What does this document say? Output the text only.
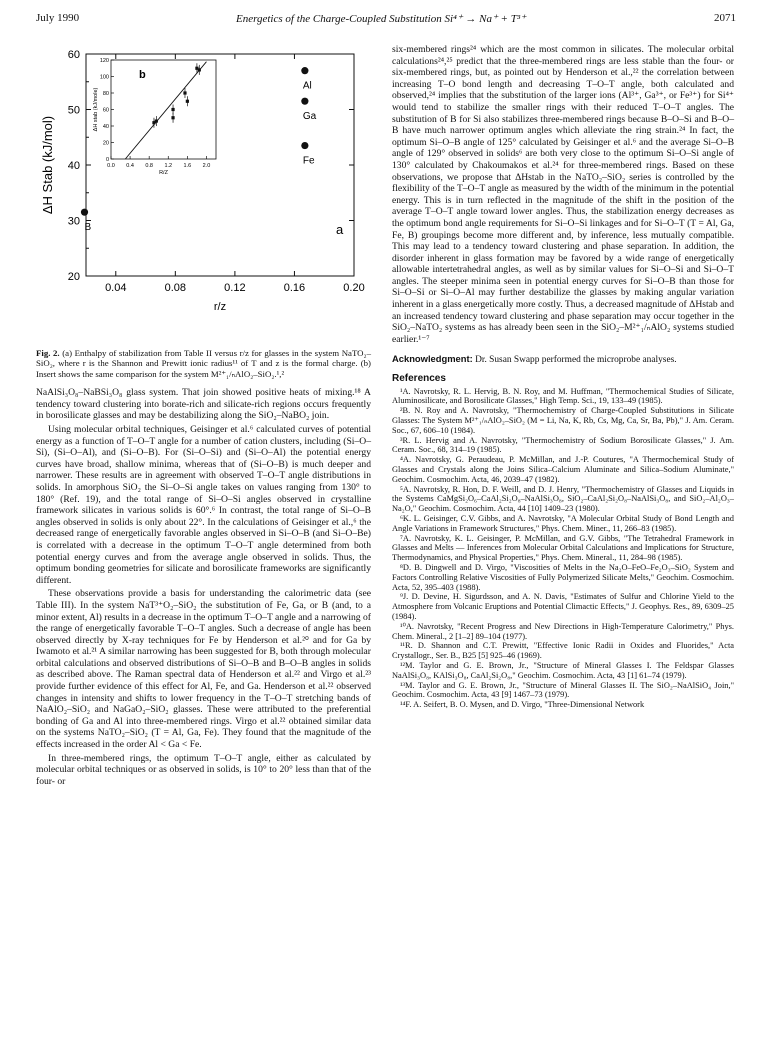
July 1990	Energetics of the Charge-Coupled Substitution Si⁴⁺ → Na⁺ + T³⁺	2071
0.04	0.08	0.12	0.16	0.20
20
30
40
50
60
r/z
ΔH Stab (kJ/mol)
a
B
Al
Ga
Fe
0.0 0.4 0.8 1.2 1.6 2.0
0
20
40
60
80
100
120
R/Z
ΔH stab (kJ/mole)
b

Fig. 2. (a) Enthalpy of stabilization from Table II versus r/z for glasses in the system NaTO₂–SiO₂, where r is the Shannon and Prewitt ionic radius¹¹ of T and z is the formal charge. (b) Insert shows the same comparison for the system M²⁺₁/ₙAlO₂–SiO₂.¹,²

NaAlSi₃O₈–NaBSi₃O₈ glass system. That join showed positive heats of mixing.¹⁸ A tendency toward clustering into borate-rich and silicate-rich regions occurs frequently in borosilicate glasses and may be destabilizing along the SiO₂–NaBO₂ join.

Using molecular orbital techniques, Geisinger et al.⁶ calculated curves of potential energy as a function of T–O–T angle for a number of cation clusters, including (Si–O–Si), (Si–O–Al), and (Si–O–B). For (Si–O–Si) and (Si–O–Al) the potential energy curves have broad, shallow minima, whereas that of (Si–O–B) is much deeper and narrower. These results are in agreement with observed T–O–T angle distributions in solids. In amorphous SiO₂ the Si–O–Si angle takes on values ranging from 130° to 180° (Ref. 19), and the total range of Si–O–Si angles observed in crystalline framework silicates in various solids is 60°.⁶ In contrast, the total range of Si–O–B angles observed in solids is only about 22°. In the calculations of Geisinger et al.,⁶ the decreased range of energetically favorable angles observed in Si–O–B (and Si–O–Be) is correlated with a decrease in the optimum T–O–T angle determined from both potential energy curves and from the average angle observed in solids. Thus, the optimum bonding geometries for silicate and borosilicate frameworks are significantly different.

These observations provide a basis for understanding the calorimetric data (see Table III). In the system NaT³⁺O₂–SiO₂ the substitution of Fe, Ga, or B (and, to a minor extent, Al) results in a decrease in the optimum T–O–T angle and a narrowing of the range of energetically favorable T–O–T angles. Such a decrease of angle has been observed directly by X-ray techniques for Fe by Henderson et al.²⁰ and for Ga by Iwamoto et al.²¹ A similar narrowing has been suggested for B, both through molecular orbital calculations and observed distributions of Si–O–B and B–O–B angles in solids as described above. The Raman spectral data of Henderson et al.²² and Virgo et al.²³ provide further evidence of this effect for Al, Fe, and Ga. Henderson et al.²² observed changes in intensity and shifts to lower frequency in the T–O–T stretching bands of NaAlO₂–SiO₂ and NaGaO₂–SiO₂ glasses. These were attributed to the preferential bonding of Ga and Al into three-membered rings. Virgo et al.²² obtained similar data on the systems NaTO₂–SiO₂ (T = Al, Ga, Fe). They found that the magnitude of the effects increased in the order Al < Ga < Fe.

In three-membered rings, the optimum T–O–T angle, either as calculated by molecular orbital techniques or as observed in solids, is 10° to 20° less than that of the four- or

six-membered rings²⁴ which are the most common in silicates. The molecular orbital calculations²⁴,²⁵ predict that the three-membered rings are less stable than the four- or six-membered rings, but, as pointed out by Henderson et al.,²² the correlation between increasing T–O bond length and decreasing T–O–T angle, both calculated and observed,²⁴ implies that the substitution of the larger ions (Al³⁺, Ga³⁺, or Fe³⁺) for Si⁴⁺ would tend to stabilize the smaller rings with their reduced T–O–T angles. The substitution of B for Si also stabilizes three-membered rings because B–O–Si and B–O–B have much narrower optimum angles which alleviate the ring strain.²⁴ In fact, the optimum Si–O–B angle of 125° calculated by Geisinger et al.⁶ and the average Si–O–B angle of 129° observed in solids⁶ are both very close to the optimum Si–O–Si angle of 130° calculated by Chakoumakos et al.²⁴ for three-membered rings. Based on these observations, we propose that ΔHstab in the NaTO₂–SiO₂ series is controlled by the flexibility of the T–O–T angle as measured by the width of the minimum in the potential energy. This is in turn reflected in the magnitude of the shift in the position of the average T–O–T angle toward lower angles. Thus, the stabilization energy decreases as the optimum bond angle requirements for Si–O–Si linkages and for Si–O–T (T = Al, Ga, Fe, B) groupings become more different and, by inference, less mutually compatible. This may lead to a tendency toward clustering and phase separation. In addition, the disorder inherent in glass formation may be favored by a wide range of energetically allowable intertetrahedral angles, as well as by similar values for Si–O–Si and Si–O–T angles. The steeper minima seen in potential energy curves for Si–O–B than those for Si–O–Si or Si–O–Al may further destabilize the glasses by making angular variation inherent in a glass energetically more costly. Thus, a decreased magnitude of ΔHstab and an increased tendency toward clustering and phase separation may occur together in the SiO₂–NaTO₂ systems as has already been seen in the SiO₂–M²⁺₁/ₙAlO₂ systems studied earlier.¹⁻⁷

Acknowledgment: Dr. Susan Swapp performed the microprobe analyses.

References

¹A. Navrotsky, R. L. Hervig, B. N. Roy, and M. Huffman, "Thermochemical Studies of Silicate, Aluminosilicate, and Borosilicate Glasses," High Temp. Sci., 19, 133–49 (1985).

²B. N. Roy and A. Navrotsky, "Thermochemistry of Charge-Coupled Substitutions in Silicate Glasses: The System M²⁺₁/ₙAlO₂–SiO₂ (M = Li, Na, K, Rb, Cs, Mg, Ca, Sr, Ba, Pb)," J. Am. Ceram. Soc., 67, 606–10 (1984).

³R. L. Hervig and A. Navrotsky, "Thermochemistry of Sodium Borosilicate Glasses," J. Am. Ceram. Soc., 68, 314–19 (1985).

⁴A. Navrotsky, G. Peraudeau, P. McMillan, and J.-P. Coutures, "A Thermochemical Study of Glasses and Crystals along the Joins Silica–Calcium Aluminate and Silica–Sodium Aluminate," Geochim. Cosmochim. Acta, 46, 2039–47 (1982).

⁵A. Navrotsky, R. Hon, D. F. Weill, and D. J. Henry, "Thermochemistry of Glasses and Liquids in the Systems CaMgSi₂O₆–CaAl₂Si₂O₈–NaAlSi₃O₈, SiO₂–CaAl₂Si₂O₈–NaAlSi₃O₈, and SiO₂–Al₂O₃–Na₂O," Geochim. Cosmochim. Acta, 44 [10] 1409–23 (1980).

⁶K. L. Geisinger, C.V. Gibbs, and A. Navrotsky, "A Molecular Orbital Study of Bond Length and Angle Variations in Framework Structures," Phys. Chem. Miner., 11, 266–83 (1985).

⁷A. Navrotsky, K. L. Geisinger, P. McMillan, and G.V. Gibbs, "The Tetrahedral Framework in Glasses and Melts — Inferences from Molecular Orbital Calculations and Implications for Structure, Thermodynamics, and Physical Properties," Phys. Chem. Mineral., 11, 284–98 (1985).

⁸D. B. Dingwell and D. Virgo, "Viscosities of Melts in the Na₂O–FeO–Fe₂O₃–SiO₂ System and Factors Controlling Relative Viscosities of Fully Polymerized Silicate Melts," Geochim. Cosmochim. Acta, 52, 395–403 (1988).

⁹J. D. Devine, H. Sigurdsson, and A. N. Davis, "Estimates of Sulfur and Chlorine Yield to the Atmosphere from Volcanic Eruptions and Potential Climactic Effects," J. Geophys. Res., 89, 6309–25 (1984).

¹⁰A. Navrotsky, "Recent Progress and New Directions in High-Temperature Calorimetry," Phys. Chem. Mineral., 2 [1–2] 89–104 (1977).

¹¹R. D. Shannon and C.T. Prewitt, "Effective Ionic Radii in Oxides and Fluorides," Acta Crystallogr., Ser. B., B25 [5] 925–46 (1969).

¹²M. Taylor and G. E. Brown, Jr., "Structure of Mineral Glasses I. The Feldspar Glasses NaAlSi₃O₈, KAlSi₃O₈, CaAl₂Si₂O₈," Geochim. Cosmochim. Acta, 43 [1] 61–74 (1979).

¹³M. Taylor and G. E. Brown, Jr., "Structure of Mineral Glasses II. The SiO₂–NaAlSiO₄ Join," Geochim. Cosmochim. Acta, 43 [9] 1467–73 (1979).

¹⁴F. A. Seifert, B. O. Mysen, and D. Virgo, "Three-Dimensional Network
